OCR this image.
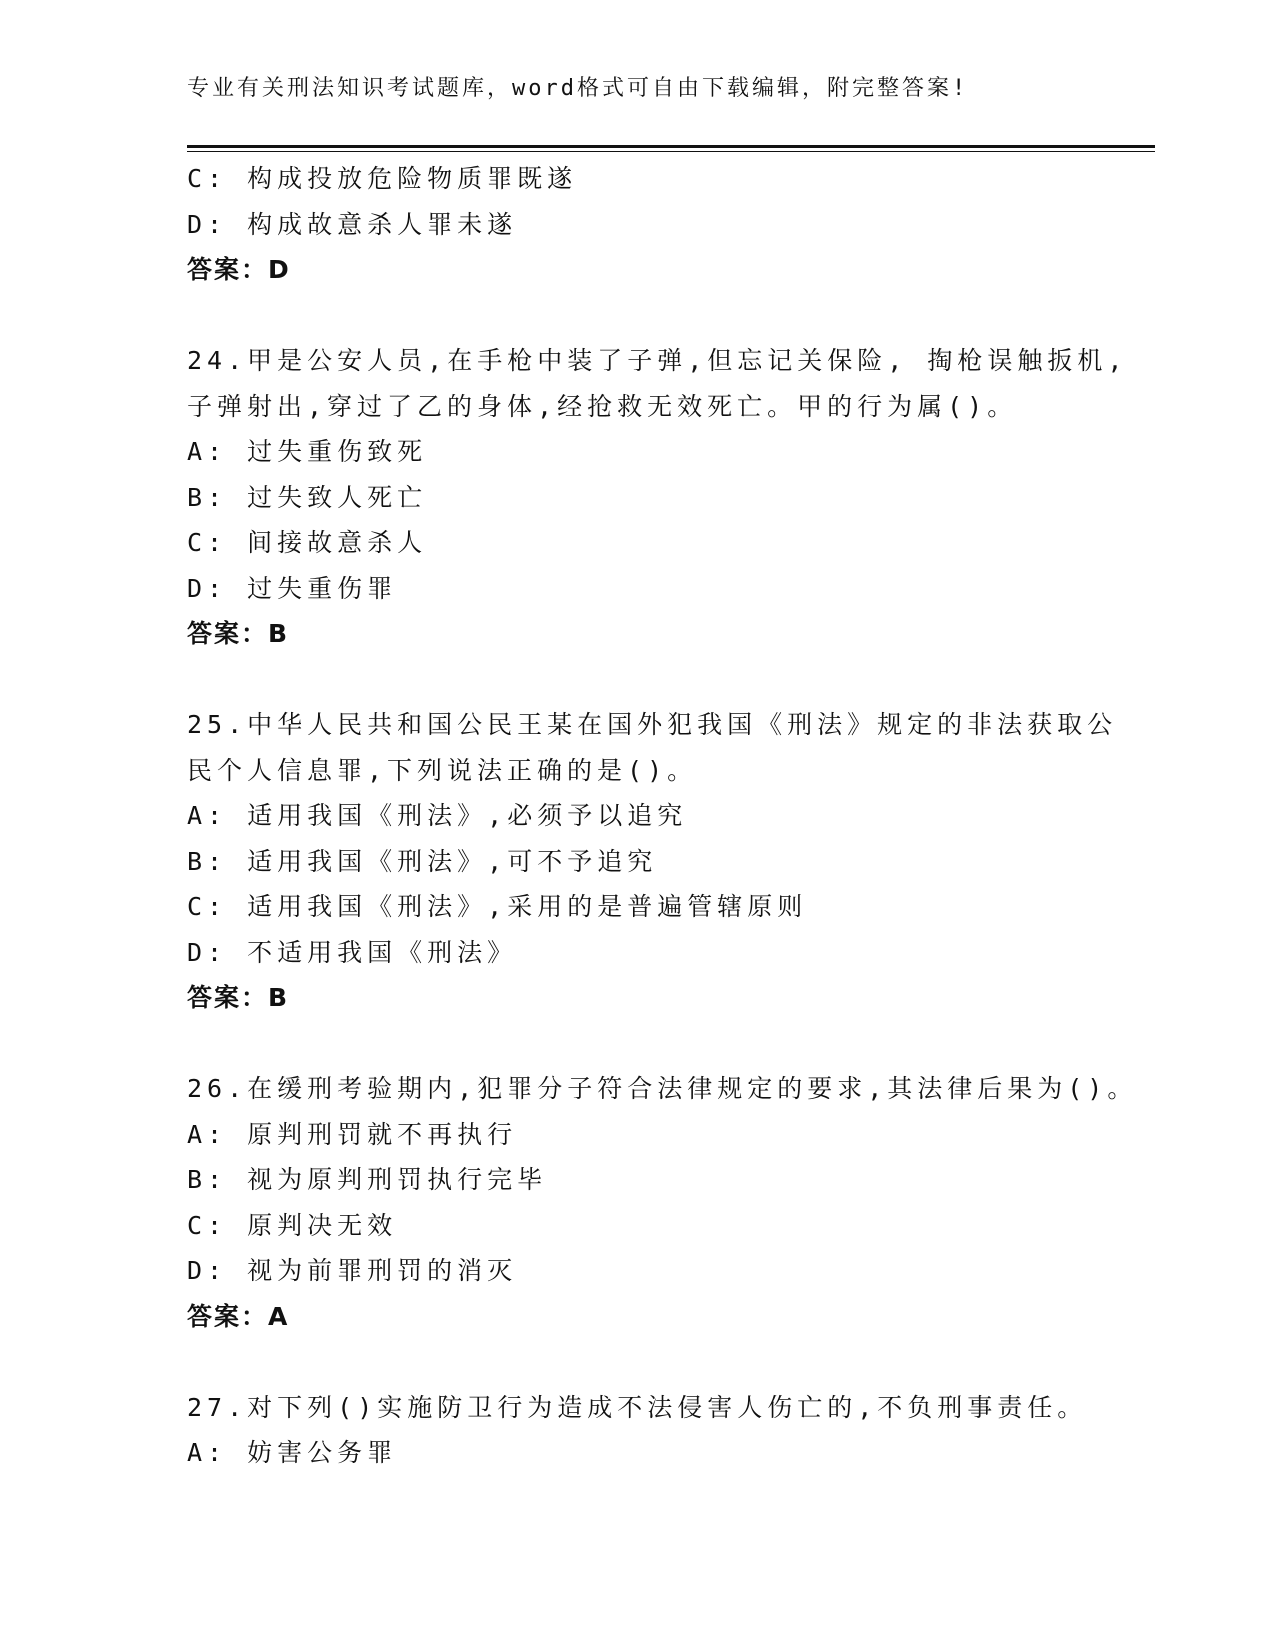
专业有关刑法知识考试题库，word格式可自由下载编辑，附完整答案!
C: 构成投放危险物质罪既遂
D: 构成故意杀人罪未遂
答案：D
24.甲是公安人员,在手枪中装了子弹,但忘记关保险, 掏枪误触扳机,
子弹射出,穿过了乙的身体,经抢救无效死亡。甲的行为属()。
A: 过失重伤致死
B: 过失致人死亡
C: 间接故意杀人
D: 过失重伤罪
答案：B
25.中华人民共和国公民王某在国外犯我国《刑法》规定的非法获取公
民个人信息罪,下列说法正确的是()。
A: 适用我国《刑法》,必须予以追究
B: 适用我国《刑法》,可不予追究
C: 适用我国《刑法》,采用的是普遍管辖原则
D: 不适用我国《刑法》
答案：B
26.在缓刑考验期内,犯罪分子符合法律规定的要求,其法律后果为()。
A: 原判刑罚就不再执行
B: 视为原判刑罚执行完毕
C: 原判决无效
D: 视为前罪刑罚的消灭
答案：A
27.对下列()实施防卫行为造成不法侵害人伤亡的,不负刑事责任。
A: 妨害公务罪
